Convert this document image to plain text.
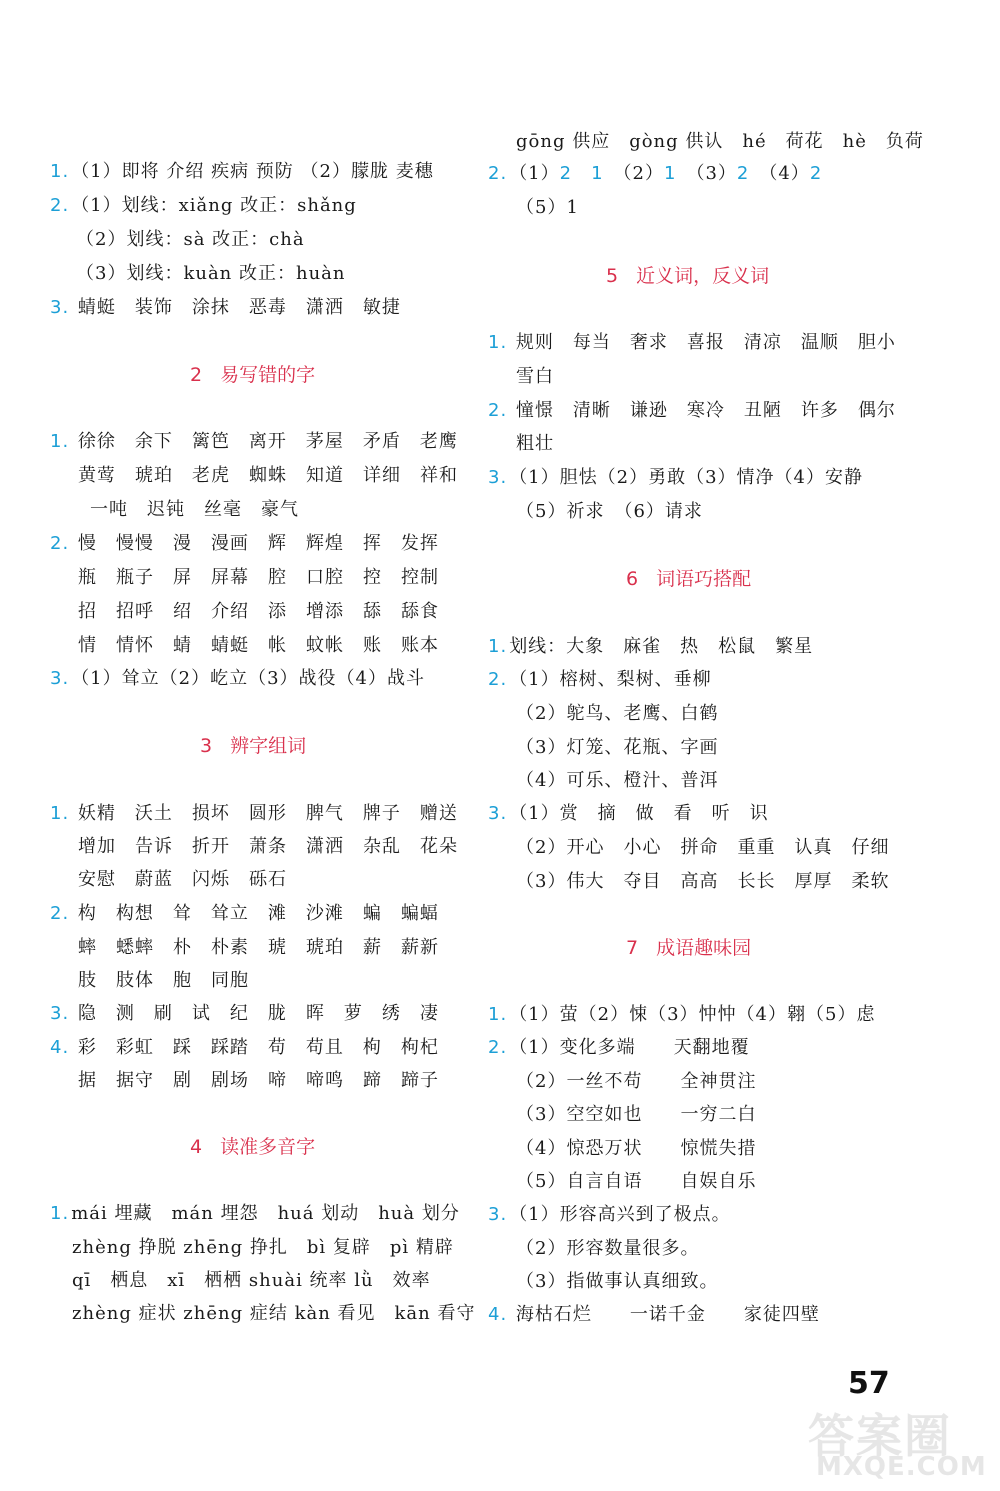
1. （1）即将 介绍 疾病 预防 （2）朦胧 麦穗
2. （1）划线：xiǎng 改正：shǎng
（2）划线：sà 改正：chà
（3）划线：kuàn 改正：huàn
3. 蜻蜓　装饰　涂抹　恶毒　潇洒　敏捷
2 易写错的字
1. 徐徐　余下　篱笆　离开　茅屋　矛盾　老鹰
黄莺　琥珀　老虎　蜘蛛　知道　详细　祥和
一吨　迟钝　丝毫　豪气
2. 慢　慢慢　漫　漫画　辉　辉煌　挥　发挥
瓶　瓶子　屏　屏幕　腔　口腔　控　控制
招　招呼　绍　介绍　添　增添　舔　舔食
情　情怀　蜻　蜻蜓　帐　蚊帐　账　账本
3. （1）耸立（2）屹立（3）战役（4）战斗
3 辨字组词
1. 妖精　沃土　损坏　圆形　脾气　牌子　赠送
增加　告诉　折开　萧条　潇洒　杂乱　花朵
安慰　蔚蓝　闪烁　砾石
2. 构　构想　耸　耸立　滩　沙滩　蝙　蝙蝠
蟀　蟋蟀　朴　朴素　琥　琥珀　薪　薪新
肢　肢体　胞　同胞
3. 隐　测　刷　试　纪　胧　晖　萝　绣　凄
4. 彩　彩虹　踩　踩踏　苟　苟且　枸　枸杞
据　据守　剧　剧场　啼　啼鸣　蹄　蹄子
4 读准多音字
1. mái 埋藏　mán 埋怨　huá 划动　huà 划分
zhèng 挣脱 zhēng 挣扎　bì 复辟　pì 精辟
qī　栖息　xī　栖栖 shuài 统率 lǜ　效率
zhèng 症状 zhēng 症结 kàn 看见　kān 看守
gōng 供应　gòng 供认　hé　荷花　hè　负荷
2. （1）2　 1　 （2）1　 （3）2　 （4）2
（5）1
5 近义词，反义词
1. 规则　每当　奢求　喜报　清凉　温顺　胆小
雪白
2. 憧憬　清晰　谦逊　寒冷　丑陋　许多　偶尔
粗壮
3. （1）胆怯（2）勇敢（3）情净（4）安静
（5）祈求　（6）请求
6 词语巧搭配
1. 划线：大象　麻雀　热　松鼠　繁星
2. （1）榕树、梨树、垂柳
（2）鸵鸟、老鹰、白鹤
（3）灯笼、花瓶、字画
（4）可乐、橙汁、普洱
3. （1）赏　摘　做　看　听　识
（2）开心　小心　拼命　重重　认真　仔细
（3）伟大　夺目　高高　长长　厚厚　柔软
7 成语趣味园
1. （1）萤（2）悚（3）忡忡（4）翱（5）虑
2. （1）变化多端　　天翻地覆
（2）一丝不苟　　全神贯注
（3）空空如也　　一穷二白
（4）惊恐万状　　惊慌失措
（5）自言自语　　自娱自乐
3. （1）形容高兴到了极点。
（2）形容数量很多。
（3）指做事认真细致。
4. 海枯石烂　　一诺千金　　家徒四壁
57
答案圈
MXQE.COM
